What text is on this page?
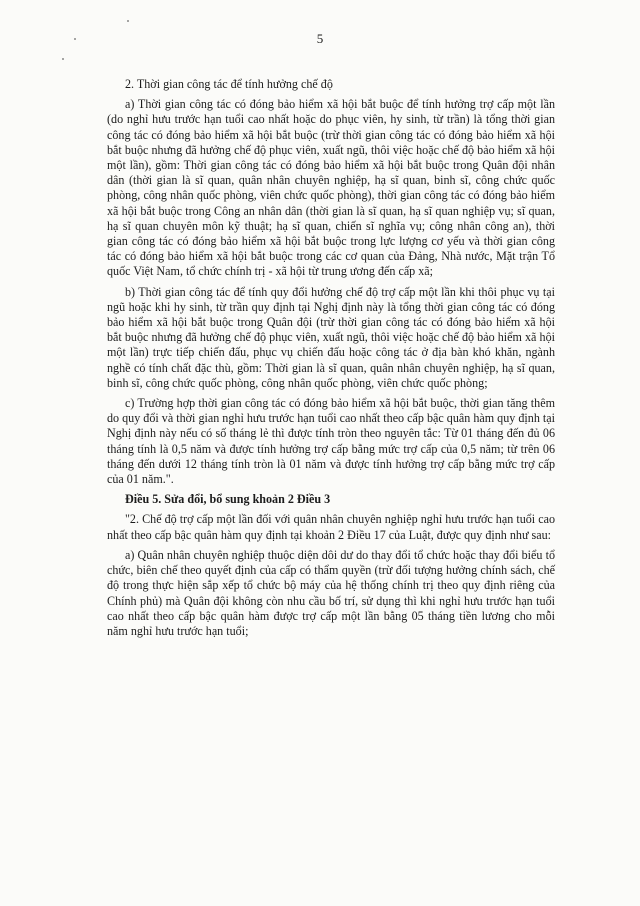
5

2. Thời gian công tác để tính hưởng chế độ

a) Thời gian công tác có đóng bảo hiểm xã hội bắt buộc để tính hưởng trợ cấp một lần (do nghỉ hưu trước hạn tuổi cao nhất hoặc do phục viên, hy sinh, từ trần) là tổng thời gian công tác có đóng bảo hiểm xã hội bắt buộc (trừ thời gian công tác có đóng bảo hiểm xã hội bắt buộc nhưng đã hưởng chế độ phục viên, xuất ngũ, thôi việc hoặc chế độ bảo hiểm xã hội một lần), gồm: Thời gian công tác có đóng bảo hiểm xã hội bắt buộc trong Quân đội nhân dân (thời gian là sĩ quan, quân nhân chuyên nghiệp, hạ sĩ quan, binh sĩ, công chức quốc phòng, công nhân quốc phòng, viên chức quốc phòng), thời gian công tác có đóng bảo hiểm xã hội bắt buộc trong Công an nhân dân (thời gian là sĩ quan, hạ sĩ quan nghiệp vụ; sĩ quan, hạ sĩ quan chuyên môn kỹ thuật; hạ sĩ quan, chiến sĩ nghĩa vụ; công nhân công an), thời gian công tác có đóng bảo hiểm xã hội bắt buộc trong lực lượng cơ yếu và thời gian công tác có đóng bảo hiểm xã hội bắt buộc trong các cơ quan của Đảng, Nhà nước, Mặt trận Tổ quốc Việt Nam, tổ chức chính trị - xã hội từ trung ương đến cấp xã;

b) Thời gian công tác để tính quy đổi hưởng chế độ trợ cấp một lần khi thôi phục vụ tại ngũ hoặc khi hy sinh, từ trần quy định tại Nghị định này là tổng thời gian công tác có đóng bảo hiểm xã hội bắt buộc trong Quân đội (trừ thời gian công tác có đóng bảo hiểm xã hội bắt buộc nhưng đã hưởng chế độ phục viên, xuất ngũ, thôi việc hoặc chế độ bảo hiểm xã hội một lần) trực tiếp chiến đấu, phục vụ chiến đấu hoặc công tác ở địa bàn khó khăn, ngành nghề có tính chất đặc thù, gồm: Thời gian là sĩ quan, quân nhân chuyên nghiệp, hạ sĩ quan, binh sĩ, công chức quốc phòng, công nhân quốc phòng, viên chức quốc phòng;

c) Trường hợp thời gian công tác có đóng bảo hiểm xã hội bắt buộc, thời gian tăng thêm do quy đổi và thời gian nghỉ hưu trước hạn tuổi cao nhất theo cấp bậc quân hàm quy định tại Nghị định này nếu có số tháng lẻ thì được tính tròn theo nguyên tắc: Từ 01 tháng đến đủ 06 tháng tính là 0,5 năm và được tính hưởng trợ cấp bằng mức trợ cấp của 0,5 năm; từ trên 06 tháng đến dưới 12 tháng tính tròn là 01 năm và được tính hưởng trợ cấp bằng mức trợ cấp của 01 năm.".

Điều 5. Sửa đổi, bổ sung khoản 2 Điều 3

"2. Chế độ trợ cấp một lần đối với quân nhân chuyên nghiệp nghỉ hưu trước hạn tuổi cao nhất theo cấp bậc quân hàm quy định tại khoản 2 Điều 17 của Luật, được quy định như sau:

a) Quân nhân chuyên nghiệp thuộc diện dôi dư do thay đổi tổ chức hoặc thay đổi biểu tổ chức, biên chế theo quyết định của cấp có thẩm quyền (trừ đối tượng hưởng chính sách, chế độ trong thực hiện sắp xếp tổ chức bộ máy của hệ thống chính trị theo quy định riêng của Chính phủ) mà Quân đội không còn nhu cầu bố trí, sử dụng thì khi nghỉ hưu trước hạn tuổi cao nhất theo cấp bậc quân hàm được trợ cấp một lần bằng 05 tháng tiền lương cho mỗi năm nghỉ hưu trước hạn tuổi;
